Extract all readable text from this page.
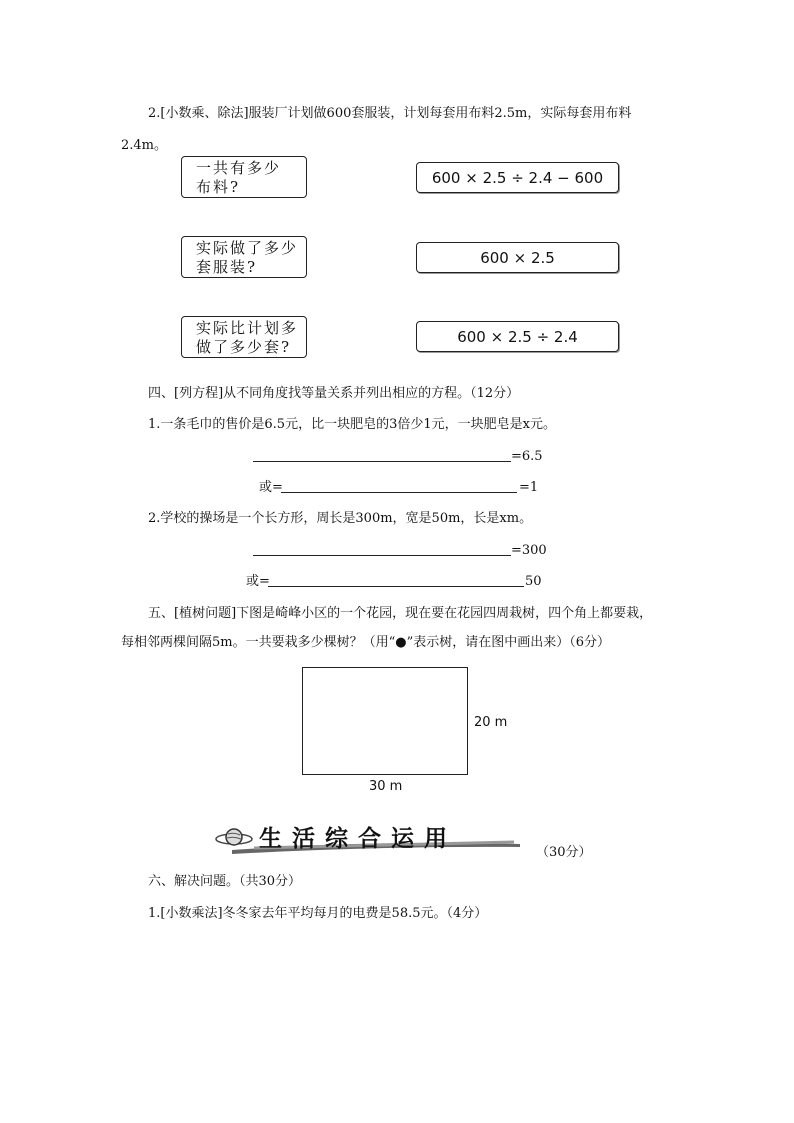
2.[小数乘、除法]服装厂计划做600套服装，计划每套用布料2.5m，实际每套用布料
2.4m。
一共有多少
布料?
实际做了多少
套服装?
实际比计划多
做了多少套?
600 × 2.5 ÷ 2.4 − 600
600 × 2.5
600 × 2.5 ÷ 2.4
四、[列方程]从不同角度找等量关系并列出相应的方程。（12分）
1.一条毛巾的售价是6.5元，比一块肥皂的3倍少1元，一块肥皂是x元。
=6.5
或=	=1
2.学校的操场是一个长方形，周长是300m，宽是50m，长是xm。
=300
或=	50
五、[植树问题]下图是崎峰小区的一个花园，现在要在花园四周栽树，四个角上都要栽，
每相邻两棵间隔5m。一共要栽多少棵树？（用“●”表示树，请在图中画出来）（6分）
20 m
30 m
生活综合运用
（30分）
六、解决问题。（共30分）
1.[小数乘法]冬冬家去年平均每月的电费是58.5元。（4分）
